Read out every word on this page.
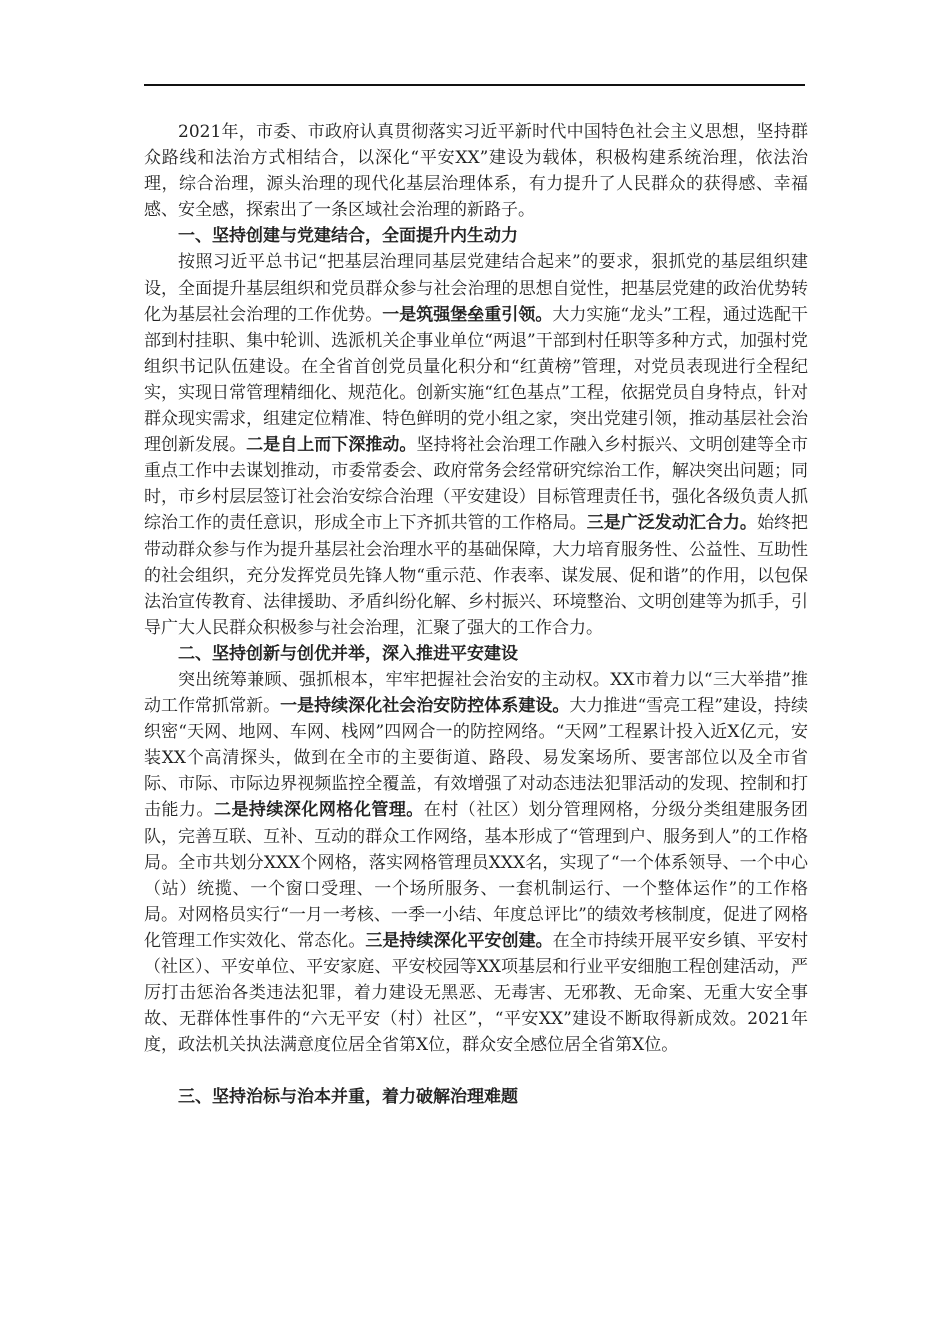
2021年，市委、市政府认真贯彻落实习近平新时代中国特色社会主义思想，坚持群众路线和法治方式相结合，以深化“平安XX”建设为载体，积极构建系统治理，依法治理，综合治理，源头治理的现代化基层治理体系，有力提升了人民群众的获得感、幸福感、安全感，探索出了一条区域社会治理的新路子。

一、坚持创建与党建结合，全面提升内生动力

按照习近平总书记“把基层治理同基层党建结合起来”的要求，狠抓党的基层组织建设，全面提升基层组织和党员群众参与社会治理的思想自觉性，把基层党建的政治优势转化为基层社会治理的工作优势。一是筑强堡垒重引领。大力实施“龙头”工程，通过选配干部到村挂职、集中轮训、选派机关企事业单位“两退”干部到村任职等多种方式，加强村党组织书记队伍建设。在全省首创党员量化积分和“红黄榜”管理，对党员表现进行全程纪实，实现日常管理精细化、规范化。创新实施“红色基点”工程，依据党员自身特点，针对群众现实需求，组建定位精准、特色鲜明的党小组之家，突出党建引领，推动基层社会治理创新发展。二是自上而下深推动。坚持将社会治理工作融入乡村振兴、文明创建等全市重点工作中去谋划推动，市委常委会、政府常务会经常研究综治工作，解决突出问题；同时，市乡村层层签订社会治安综合治理（平安建设）目标管理责任书，强化各级负责人抓综治工作的责任意识，形成全市上下齐抓共管的工作格局。三是广泛发动汇合力。始终把带动群众参与作为提升基层社会治理水平的基础保障，大力培育服务性、公益性、互助性的社会组织，充分发挥党员先锋人物“重示范、作表率、谋发展、促和谐”的作用，以包保法治宣传教育、法律援助、矛盾纠纷化解、乡村振兴、环境整治、文明创建等为抓手，引导广大人民群众积极参与社会治理，汇聚了强大的工作合力。

二、坚持创新与创优并举，深入推进平安建设

突出统筹兼顾、强抓根本，牢牢把握社会治安的主动权。XX市着力以“三大举措”推动工作常抓常新。一是持续深化社会治安防控体系建设。大力推进“雪亮工程”建设，持续织密“天网、地网、车网、栈网”四网合一的防控网络。“天网”工程累计投入近X亿元，安装XX个高清探头，做到在全市的主要街道、路段、易发案场所、要害部位以及全市省际、市际、市际边界视频监控全覆盖，有效增强了对动态违法犯罪活动的发现、控制和打击能力。二是持续深化网格化管理。在村（社区）划分管理网格，分级分类组建服务团队，完善互联、互补、互动的群众工作网络，基本形成了“管理到户、服务到人”的工作格局。全市共划分XXX个网格，落实网格管理员XXX名，实现了“一个体系领导、一个中心（站）统揽、一个窗口受理、一个场所服务、一套机制运行、一个整体运作”的工作格局。对网格员实行“一月一考核、一季一小结、年度总评比”的绩效考核制度，促进了网格化管理工作实效化、常态化。三是持续深化平安创建。在全市持续开展平安乡镇、平安村（社区）、平安单位、平安家庭、平安校园等XX项基层和行业平安细胞工程创建活动，严厉打击惩治各类违法犯罪，着力建设无黑恶、无毒害、无邪教、无命案、无重大安全事故、无群体性事件的“六无平安（村）社区”，“平安XX”建设不断取得新成效。2021年度，政法机关执法满意度位居全省第X位，群众安全感位居全省第X位。

三、坚持治标与治本并重，着力破解治理难题
